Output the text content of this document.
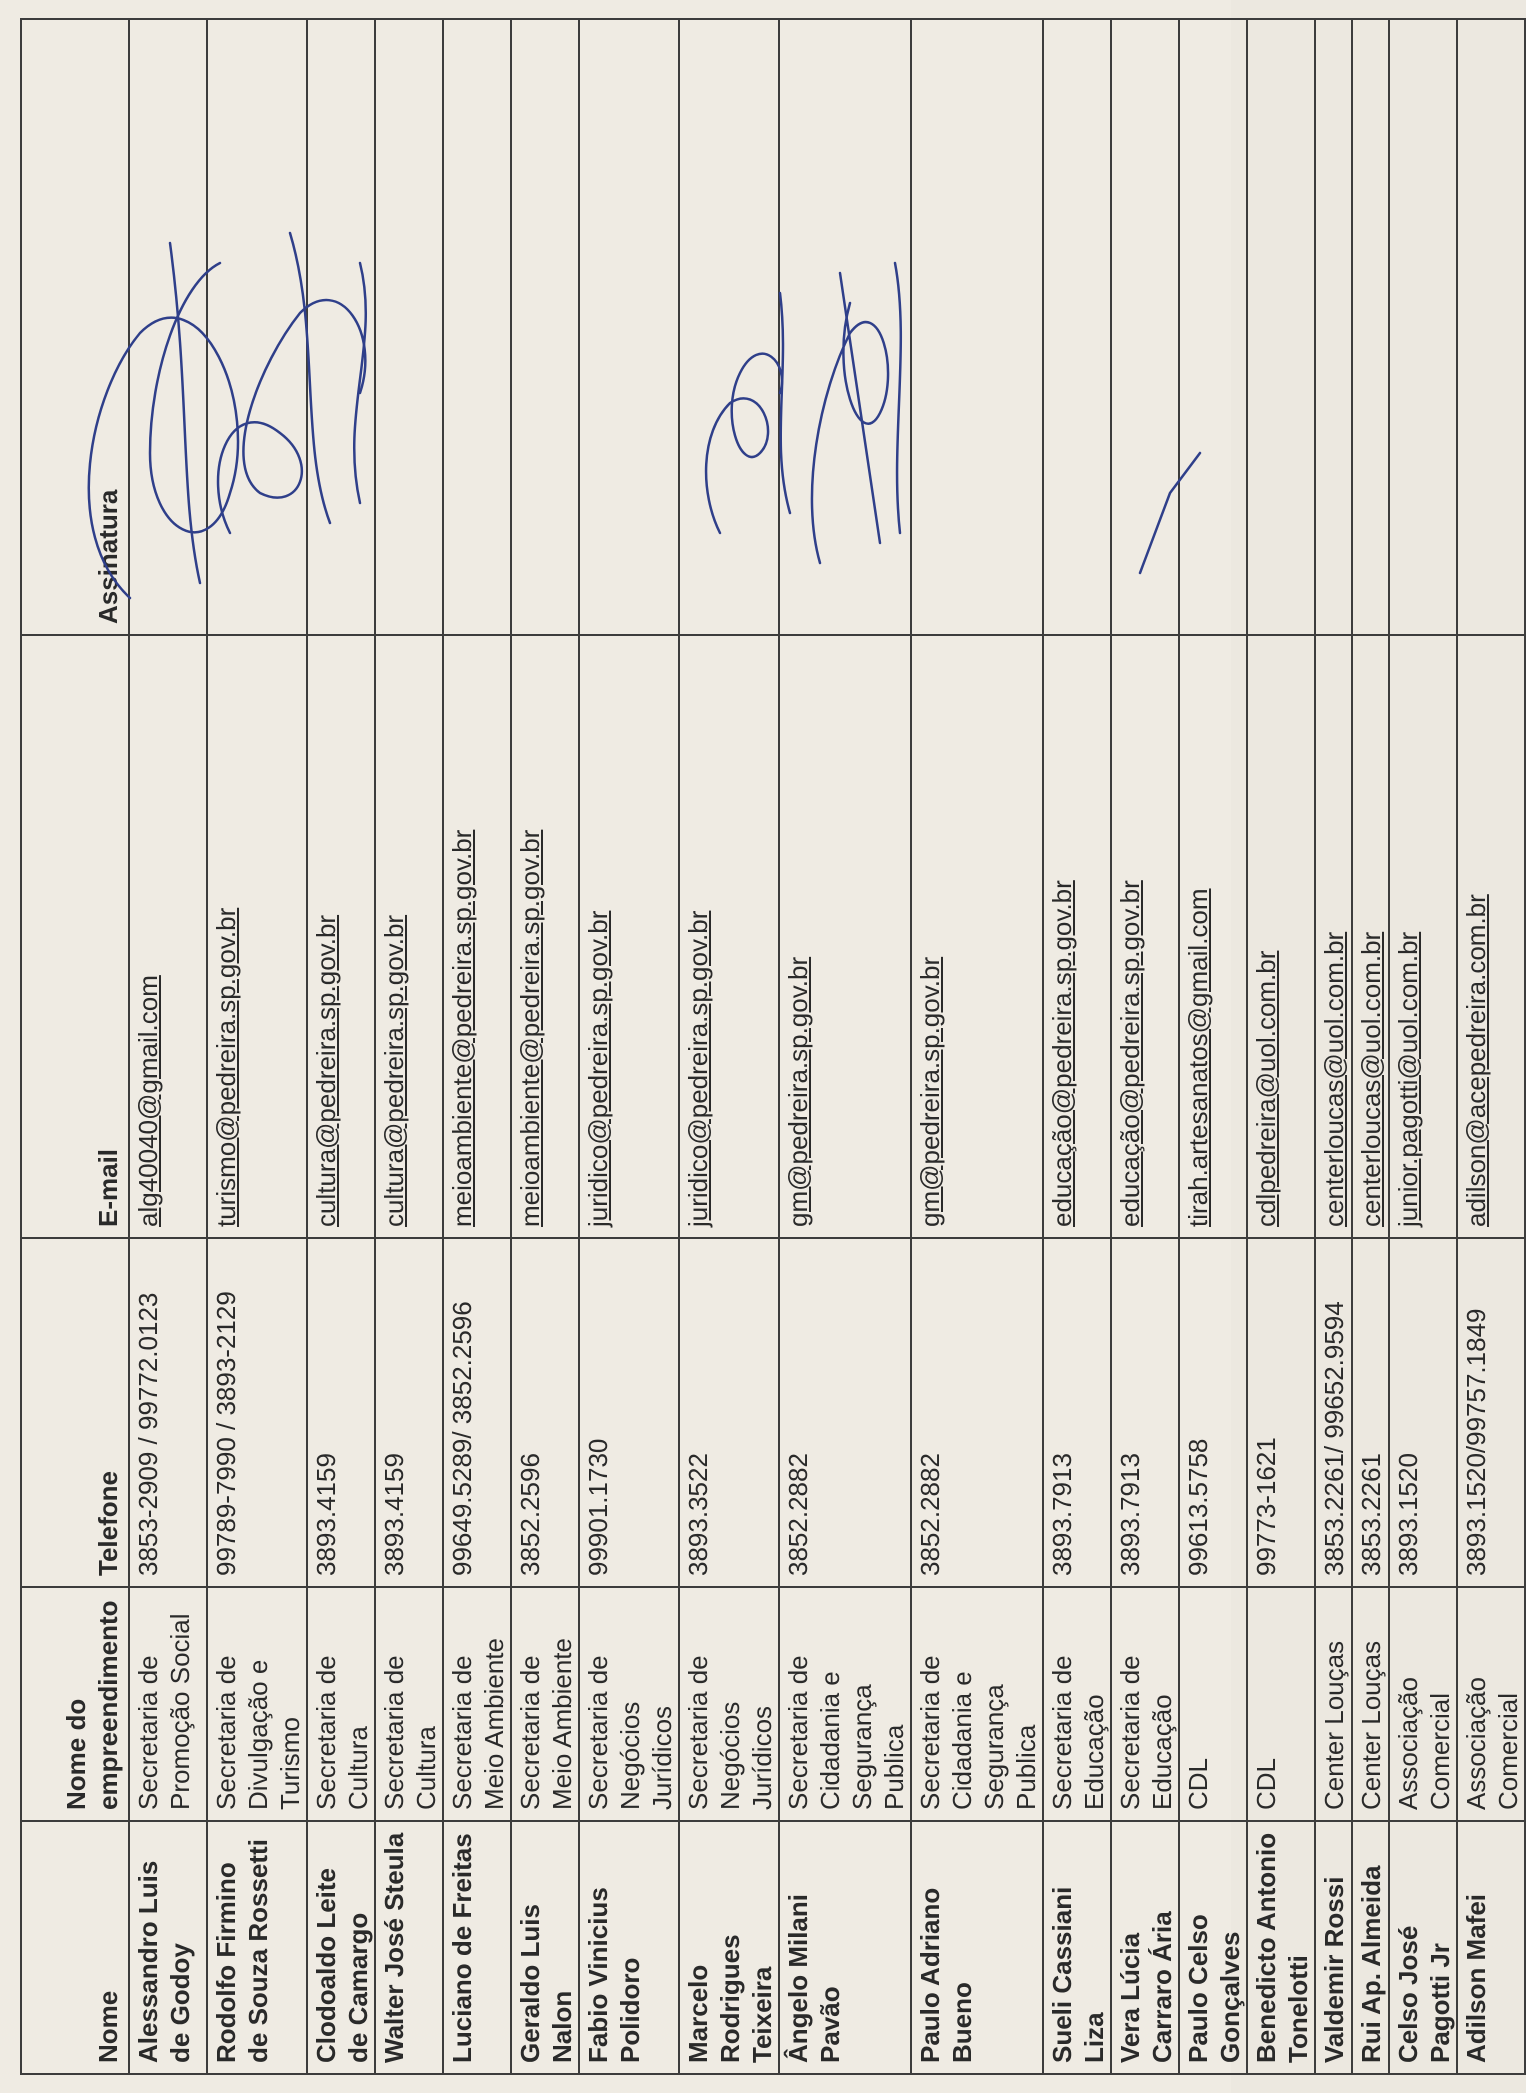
Nome	Nome do empreendimento	Telefone	E-mail	Assinatura
Alessandro Luis de Godoy	Secretaria de Promoção Social	3853-2909 / 99772.0123	alg40040@gmail.com	
Rodolfo Firmino de Souza Rossetti	Secretaria de Divulgação e Turismo	99789-7990 / 3893-2129	turismo@pedreira.sp.gov.br	
Clodoaldo Leite de Camargo	Secretaria de Cultura	3893.4159	cultura@pedreira.sp.gov.br	
Walter José Steula	Secretaria de Cultura	3893.4159	cultura@pedreira.sp.gov.br	
Luciano de Freitas	Secretaria de Meio Ambiente	99649.5289/ 3852.2596	meioambiente@pedreira.sp.gov.br	
Geraldo Luis Nalon	Secretaria de Meio Ambiente	3852.2596	meioambiente@pedreira.sp.gov.br	
Fabio Vinicius Polidoro	Secretaria de Negócios Jurídicos	99901.1730	juridico@pedreira.sp.gov.br	
Marcelo Rodrigues Teixeira	Secretaria de Negócios Jurídicos	3893.3522	juridico@pedreira.sp.gov.br	
Ângelo Milani Pavão	Secretaria de Cidadania e Segurança Publica	3852.2882	gm@pedreira.sp.gov.br	
Paulo Adriano Bueno	Secretaria de Cidadania e Segurança Publica	3852.2882	gm@pedreira.sp.gov.br	
Sueli Cassiani Liza	Secretaria de Educação	3893.7913	educação@pedreira.sp.gov.br	
Vera Lúcia Carraro Ária	Secretaria de Educação	3893.7913	educação@pedreira.sp.gov.br	
Paulo Celso Gonçalves	CDL	99613.5758	tirah.artesanatos@gmail.com	
Benedicto Antonio Tonelotti	CDL	99773-1621	cdlpedreira@uol.com.br	
Valdemir Rossi	Center Louças	3853.2261/ 99652.9594	centerloucas@uol.com.br	
Rui Ap. Almeida	Center Louças	3853.2261	centerloucas@uol.com.br	
Celso José Pagotti Jr	Associação Comercial	3893.1520	junior.pagotti@uol.com.br	
Adilson Mafei	Associação Comercial	3893.1520/99757.1849	adilson@acepedreira.com.br	
